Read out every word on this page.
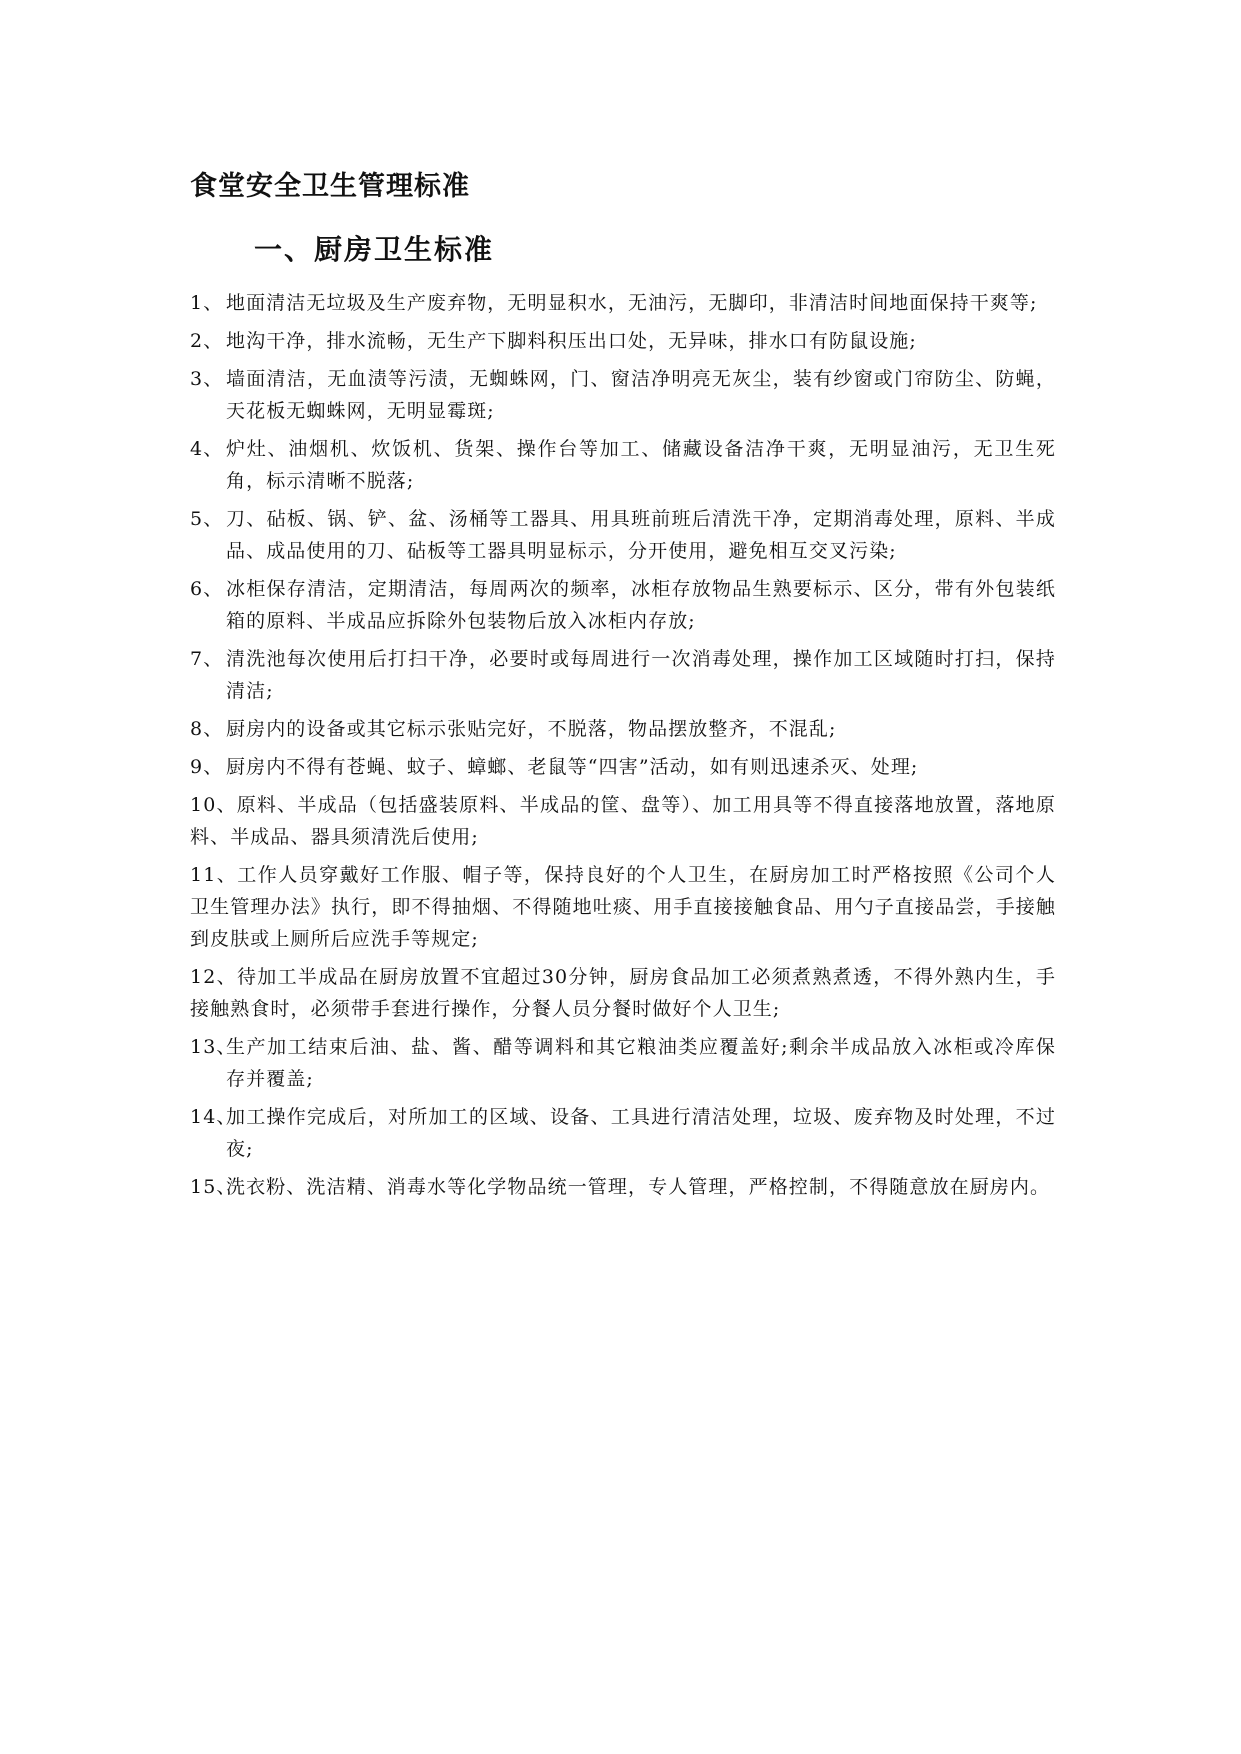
食堂安全卫生管理标准
一、厨房卫生标准
1、 地面清洁无垃圾及生产废弃物，无明显积水，无油污，无脚印，非清洁时间地面保持干爽等;
2、 地沟干净，排水流畅，无生产下脚料积压出口处，无异味，排水口有防鼠设施;
3、 墙面清洁，无血渍等污渍，无蜘蛛网，门、窗洁净明亮无灰尘，装有纱窗或门帘防尘、防蝇，天花板无蜘蛛网，无明显霉斑;
4、 炉灶、油烟机、炊饭机、货架、操作台等加工、储藏设备洁净干爽，无明显油污，无卫生死角，标示清晰不脱落;
5、 刀、砧板、锅、铲、盆、汤桶等工器具、用具班前班后清洗干净，定期消毒处理，原料、半成品、成品使用的刀、砧板等工器具明显标示，分开使用，避免相互交叉污染;
6、 冰柜保存清洁，定期清洁，每周两次的频率，冰柜存放物品生熟要标示、区分，带有外包装纸箱的原料、半成品应拆除外包装物后放入冰柜内存放;
7、 清洗池每次使用后打扫干净，必要时或每周进行一次消毒处理，操作加工区域随时打扫，保持清洁;
8、 厨房内的设备或其它标示张贴完好，不脱落，物品摆放整齐，不混乱;
9、 厨房内不得有苍蝇、蚊子、蟑螂、老鼠等“四害”活动，如有则迅速杀灭、处理;
10、原料、半成品（包括盛装原料、半成品的筐、盘等）、加工用具等不得直接落地放置，落地原料、半成品、器具须清洗后使用;
11、工作人员穿戴好工作服、帽子等，保持良好的个人卫生，在厨房加工时严格按照《公司个人卫生管理办法》执行，即不得抽烟、不得随地吐痰、用手直接接触食品、用勺子直接品尝，手接触到皮肤或上厕所后应洗手等规定;
12、待加工半成品在厨房放置不宜超过30分钟，厨房食品加工必须煮熟煮透，不得外熟内生，手接触熟食时，必须带手套进行操作，分餐人员分餐时做好个人卫生;
13、
生产加工结束后油、盐、酱、醋等调料和其它粮油类应覆盖好;剩余半成品放入冰柜或冷库保存并覆盖;
14、
加工操作完成后，对所加工的区域、设备、工具进行清洁处理，垃圾、废弃物及时处理，不过夜;
15、
洗衣粉、洗洁精、消毒水等化学物品统一管理，专人管理，严格控制，不得随意放在厨房内。
